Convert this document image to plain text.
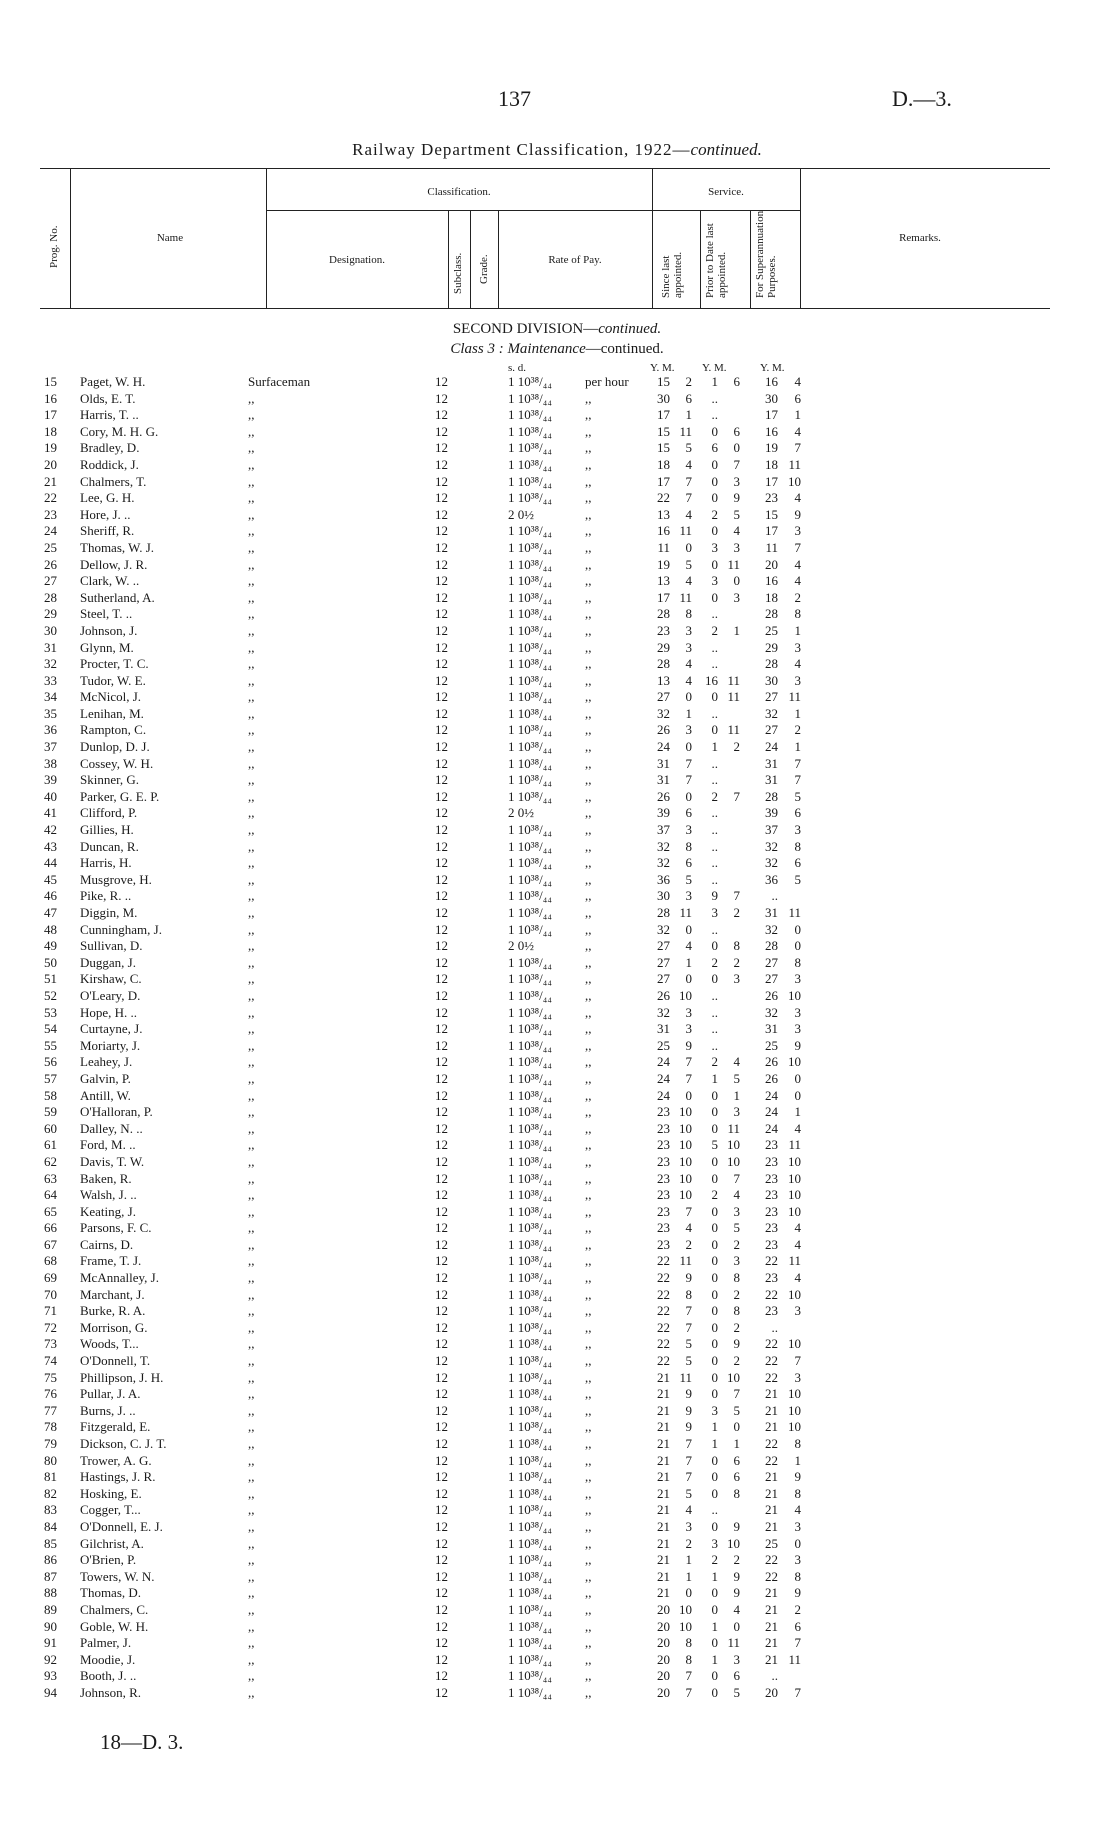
137	D.—3.
Railway Department Classification, 1922—continued.
Prog. No.	Name
Classification.
Designation.	Subclass. Grade.	Rate of Pay.
Service.
Since last appointed. Prior to Date last appointed. For Superannuation Purposes.
Remarks.
SECOND DIVISION—continued.
Class 3 : Maintenance—continued.
s. d.	Y. M. Y. M.	Y. M.
15 Paget, W. H.	Surfaceman	12	1 10³⁸/₄₄	per hour	15	2	1	6	16	4
16 Olds, E. T.	,,	12	1 10³⁸/₄₄	,,	30	6	..	30	6
17 Harris, T. ..	,,	12	1 10³⁸/₄₄	,,	17	1	..	17	1
18 Cory, M. H. G.	,,	12	1 10³⁸/₄₄	,,	15 11	0	6	16	4
19 Bradley, D.	,,	12	1 10³⁸/₄₄	,,	15	5	6	0	19	7
20 Roddick, J.	,,	12	1 10³⁸/₄₄	,,	18	4	0	7	18 11
21 Chalmers, T.	,,	12	1 10³⁸/₄₄	,,	17	7	0	3	17 10
22 Lee, G. H.	,,	12	1 10³⁸/₄₄	,,	22	7	0	9	23	4
23 Hore, J. ..	,,	12	2 0½	,,	13	4	2	5	15	9
24 Sheriff, R.	,,	12	1 10³⁸/₄₄	,,	16 11	0	4	17	3
25 Thomas, W. J.	,,	12	1 10³⁸/₄₄	,,	11	0	3	3	11	7
26 Dellow, J. R.	,,	12	1 10³⁸/₄₄	,,	19	5	0 11	20	4
27 Clark, W. ..	,,	12	1 10³⁸/₄₄	,,	13	4	3	0	16	4
28 Sutherland, A.	,,	12	1 10³⁸/₄₄	,,	17 11	0	3	18	2
29 Steel, T. ..	,,	12	1 10³⁸/₄₄	,,	28	8	..	28	8
30 Johnson, J.	,,	12	1 10³⁸/₄₄	,,	23	3	2	1	25	1
31 Glynn, M.	,,	12	1 10³⁸/₄₄	,,	29	3	..	29	3
32 Procter, T. C.	,,	12	1 10³⁸/₄₄	,,	28	4	..	28	4
33 Tudor, W. E.	,,	12	1 10³⁸/₄₄	,,	13	4	16 11	30	3
34 McNicol, J.	,,	12	1 10³⁸/₄₄	,,	27	0	0 11	27 11
35 Lenihan, M.	,,	12	1 10³⁸/₄₄	,,	32	1	..	32	1
36 Rampton, C.	,,	12	1 10³⁸/₄₄	,,	26	3	0 11	27	2
37 Dunlop, D. J.	,,	12	1 10³⁸/₄₄	,,	24	0	1	2	24	1
38 Cossey, W. H.	,,	12	1 10³⁸/₄₄	,,	31	7	..	31	7
39 Skinner, G.	,,	12	1 10³⁸/₄₄	,,	31	7	..	31	7
40 Parker, G. E. P.	,,	12	1 10³⁸/₄₄	,,	26	0	2	7	28	5
41 Clifford, P.	,,	12	2 0½	,,	39	6	..	39	6
42 Gillies, H.	,,	12	1 10³⁸/₄₄	,,	37	3	..	37	3
43 Duncan, R.	,,	12	1 10³⁸/₄₄	,,	32	8	..	32	8
44 Harris, H.	,,	12	1 10³⁸/₄₄	,,	32	6	..	32	6
45 Musgrove, H.	,,	12	1 10³⁸/₄₄	,,	36	5	..	36	5
46 Pike, R. ..	,,	12	1 10³⁸/₄₄	,,	30	3	9	7	..
47 Diggin, M.	,,	12	1 10³⁸/₄₄	,,	28 11	3	2	31 11
48 Cunningham, J.	,,	12	1 10³⁸/₄₄	,,	32	0	..	32	0
49 Sullivan, D.	,,	12	2 0½	,,	27	4	0	8	28	0
50 Duggan, J.	,,	12	1 10³⁸/₄₄	,,	27	1	2	2	27	8
51 Kirshaw, C.	,,	12	1 10³⁸/₄₄	,,	27	0	0	3	27	3
52 O'Leary, D.	,,	12	1 10³⁸/₄₄	,,	26 10	..	26 10
53 Hope, H. ..	,,	12	1 10³⁸/₄₄	,,	32	3	..	32	3
54 Curtayne, J.	,,	12	1 10³⁸/₄₄	,,	31	3	..	31	3
55 Moriarty, J.	,,	12	1 10³⁸/₄₄	,,	25	9	..	25	9
56 Leahey, J.	,,	12	1 10³⁸/₄₄	,,	24	7	2	4	26 10
57 Galvin, P.	,,	12	1 10³⁸/₄₄	,,	24	7	1	5	26	0
58 Antill, W.	,,	12	1 10³⁸/₄₄	,,	24	0	0	1	24	0
59 O'Halloran, P.	,,	12	1 10³⁸/₄₄	,,	23 10	0	3	24	1
60 Dalley, N. ..	,,	12	1 10³⁸/₄₄	,,	23 10	0 11	24	4
61 Ford, M. ..	,,	12	1 10³⁸/₄₄	,,	23 10	5 10	23 11
62 Davis, T. W.	,,	12	1 10³⁸/₄₄	,,	23 10	0 10	23 10
63 Baken, R.	,,	12	1 10³⁸/₄₄	,,	23 10	0	7	23 10
64 Walsh, J. ..	,,	12	1 10³⁸/₄₄	,,	23 10	2	4	23 10
65 Keating, J.	,,	12	1 10³⁸/₄₄	,,	23	7	0	3	23 10
66 Parsons, F. C.	,,	12	1 10³⁸/₄₄	,,	23	4	0	5	23	4
67 Cairns, D.	,,	12	1 10³⁸/₄₄	,,	23	2	0	2	23	4
68 Frame, T. J.	,,	12	1 10³⁸/₄₄	,,	22 11	0	3	22 11
69 McAnnalley, J.	,,	12	1 10³⁸/₄₄	,,	22	9	0	8	23	4
70 Marchant, J.	,,	12	1 10³⁸/₄₄	,,	22	8	0	2	22 10
71 Burke, R. A.	,,	12	1 10³⁸/₄₄	,,	22	7	0	8	23	3
72 Morrison, G.	,,	12	1 10³⁸/₄₄	,,	22	7	0	2	..
73 Woods, T...	,,	12	1 10³⁸/₄₄	,,	22	5	0	9	22 10
74 O'Donnell, T.	,,	12	1 10³⁸/₄₄	,,	22	5	0	2	22	7
75 Phillipson, J. H.	,,	12	1 10³⁸/₄₄	,,	21 11	0 10	22	3
76 Pullar, J. A.	,,	12	1 10³⁸/₄₄	,,	21	9	0	7	21 10
77 Burns, J. ..	,,	12	1 10³⁸/₄₄	,,	21	9	3	5	21 10
78 Fitzgerald, E.	,,	12	1 10³⁸/₄₄	,,	21	9	1	0	21 10
79 Dickson, C. J. T.	,,	12	1 10³⁸/₄₄	,,	21	7	1	1	22	8
80 Trower, A. G.	,,	12	1 10³⁸/₄₄	,,	21	7	0	6	22	1
81 Hastings, J. R.	,,	12	1 10³⁸/₄₄	,,	21	7	0	6	21	9
82 Hosking, E.	,,	12	1 10³⁸/₄₄	,,	21	5	0	8	21	8
83 Cogger, T...	,,	12	1 10³⁸/₄₄	,,	21	4	..	21	4
84 O'Donnell, E. J.	,,	12	1 10³⁸/₄₄	,,	21	3	0	9	21	3
85 Gilchrist, A.	,,	12	1 10³⁸/₄₄	,,	21	2	3 10	25	0
86 O'Brien, P.	,,	12	1 10³⁸/₄₄	,,	21	1	2	2	22	3
87 Towers, W. N.	,,	12	1 10³⁸/₄₄	,,	21	1	1	9	22	8
88 Thomas, D.	,,	12	1 10³⁸/₄₄	,,	21	0	0	9	21	9
89 Chalmers, C.	,,	12	1 10³⁸/₄₄	,,	20 10	0	4	21	2
90 Goble, W. H.	,,	12	1 10³⁸/₄₄	,,	20 10	1	0	21	6
91 Palmer, J.	,,	12	1 10³⁸/₄₄	,,	20	8	0 11	21	7
92 Moodie, J.	,,	12	1 10³⁸/₄₄	,,	20	8	1	3	21 11
93 Booth, J. ..	,,	12	1 10³⁸/₄₄	,,	20	7	0	6	..
94 Johnson, R.	,,	12	1 10³⁸/₄₄	,,	20	7	0	5	20	7
18—D. 3.
